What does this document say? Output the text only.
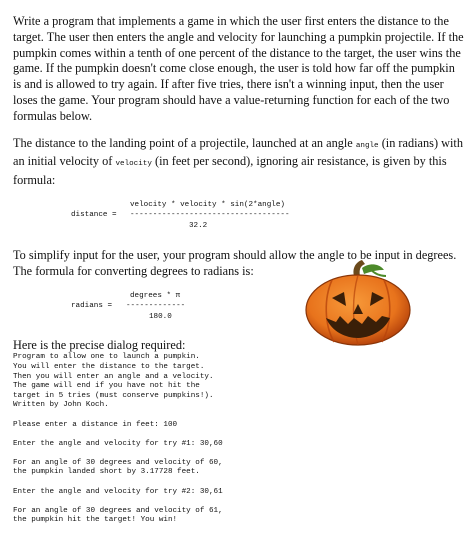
Write a program that implements a game in which the user first enters the distance to the target. The user then enters the angle and velocity for launching a pumpkin projectile. If the pumpkin comes within a tenth of one percent of the distance to the target, the user wins the game. If the pumpkin doesn't come close enough, the user is told how far off the pumpkin is and is allowed to try again. If after five tries, there isn't a winning input, then the user loses the game. Your program should have a value-returning function for each of the two formulas below.

The distance to the landing point of a projectile, launched at an angle angle (in radians) with an initial velocity of velocity (in feet per second), ignoring air resistance, is given by this formula:

velocity * velocity * sin(2*angle)

distance =

-----------------------------------

32.2

To simplify input for the user, your program should allow the angle to be input in degrees. The formula for converting degrees to radians is:

degrees * π

radians =

-------------

180.0

Here is the precise dialog required:

Program to allow one to launch a pumpkin.
You will enter the distance to the target.
Then you will enter an angle and a velocity.
The game will end if you have not hit the
target in 5 tries (must conserve pumpkins!).
Written by John Koch.
Please enter a distance in feet: 100
Enter the angle and velocity for try #1: 30,60
For an angle of 30 degrees and velocity of 60,
the pumpkin landed short by 3.17728 feet.
Enter the angle and velocity for try #2: 30,61
For an angle of 30 degrees and velocity of 61,
the pumpkin hit the target! You win!
